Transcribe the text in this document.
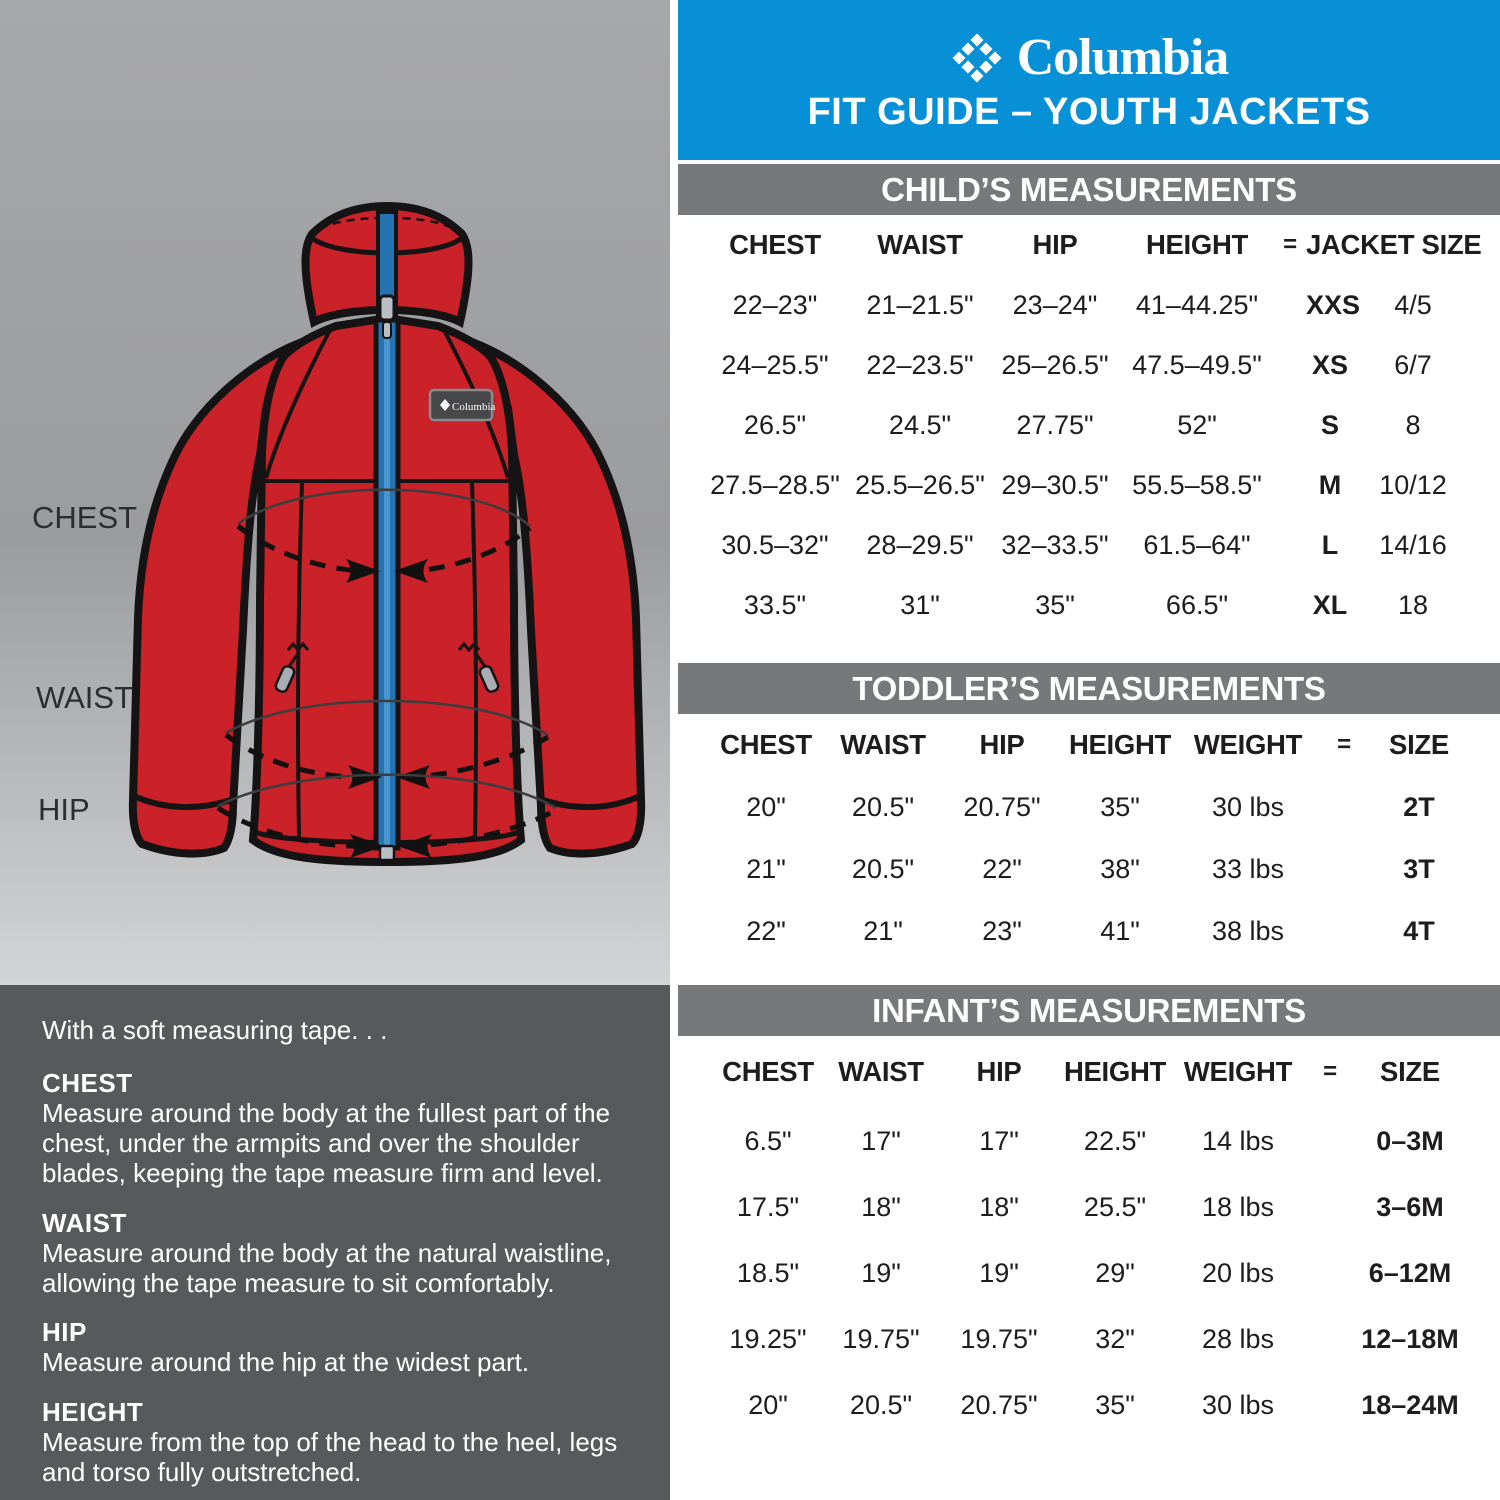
Columbia
CHEST
WAIST
HIP

With a soft measuring tape. . .

CHEST

Measure around the body at the fullest part of the chest, under the armpits and over the shoulder blades, keeping the tape measure firm and level.

WAIST

Measure around the body at the natural waistline, allowing the tape measure to sit comfortably.

HIP

Measure around the hip at the widest part.

HEIGHT

Measure from the top of the head to the heel, legs and torso fully outstretched.

Columbia
FIT GUIDE – YOUTH JACKETS
CHILD’S MEASUREMENTS
CHEST	WAIST	HIP	HEIGHT	= JACKET SIZE
22–23"	21–21.5"	23–24"	41–44.25"	XXS	4/5
24–25.5"	22–23.5"	25–26.5" 47.5–49.5"	XS	6/7
26.5"	24.5"	27.75"	52"	S	8
27.5–28.5" 25.5–26.5" 29–30.5" 55.5–58.5"	M	10/12
30.5–32"	28–29.5"	32–33.5"	61.5–64"	L	14/16
33.5"	31"	35"	66.5"	XL	18
TODDLER’S MEASUREMENTS
CHEST	WAIST	HIP	HEIGHT WEIGHT	=	SIZE
20"	20.5"	20.75"	35"	30 lbs	2T
21"	20.5"	22"	38"	33 lbs	3T
22"	21"	23"	41"	38 lbs	4T
INFANT’S MEASUREMENTS
CHEST WAIST	HIP	HEIGHT WEIGHT	=	SIZE
6.5"	17"	17"	22.5"	14 lbs	0–3M
17.5"	18"	18"	25.5"	18 lbs	3–6M
18.5"	19"	19"	29"	20 lbs	6–12M
19.25"	19.75"	19.75"	32"	28 lbs	12–18M
20"	20.5"	20.75"	35"	30 lbs	18–24M
